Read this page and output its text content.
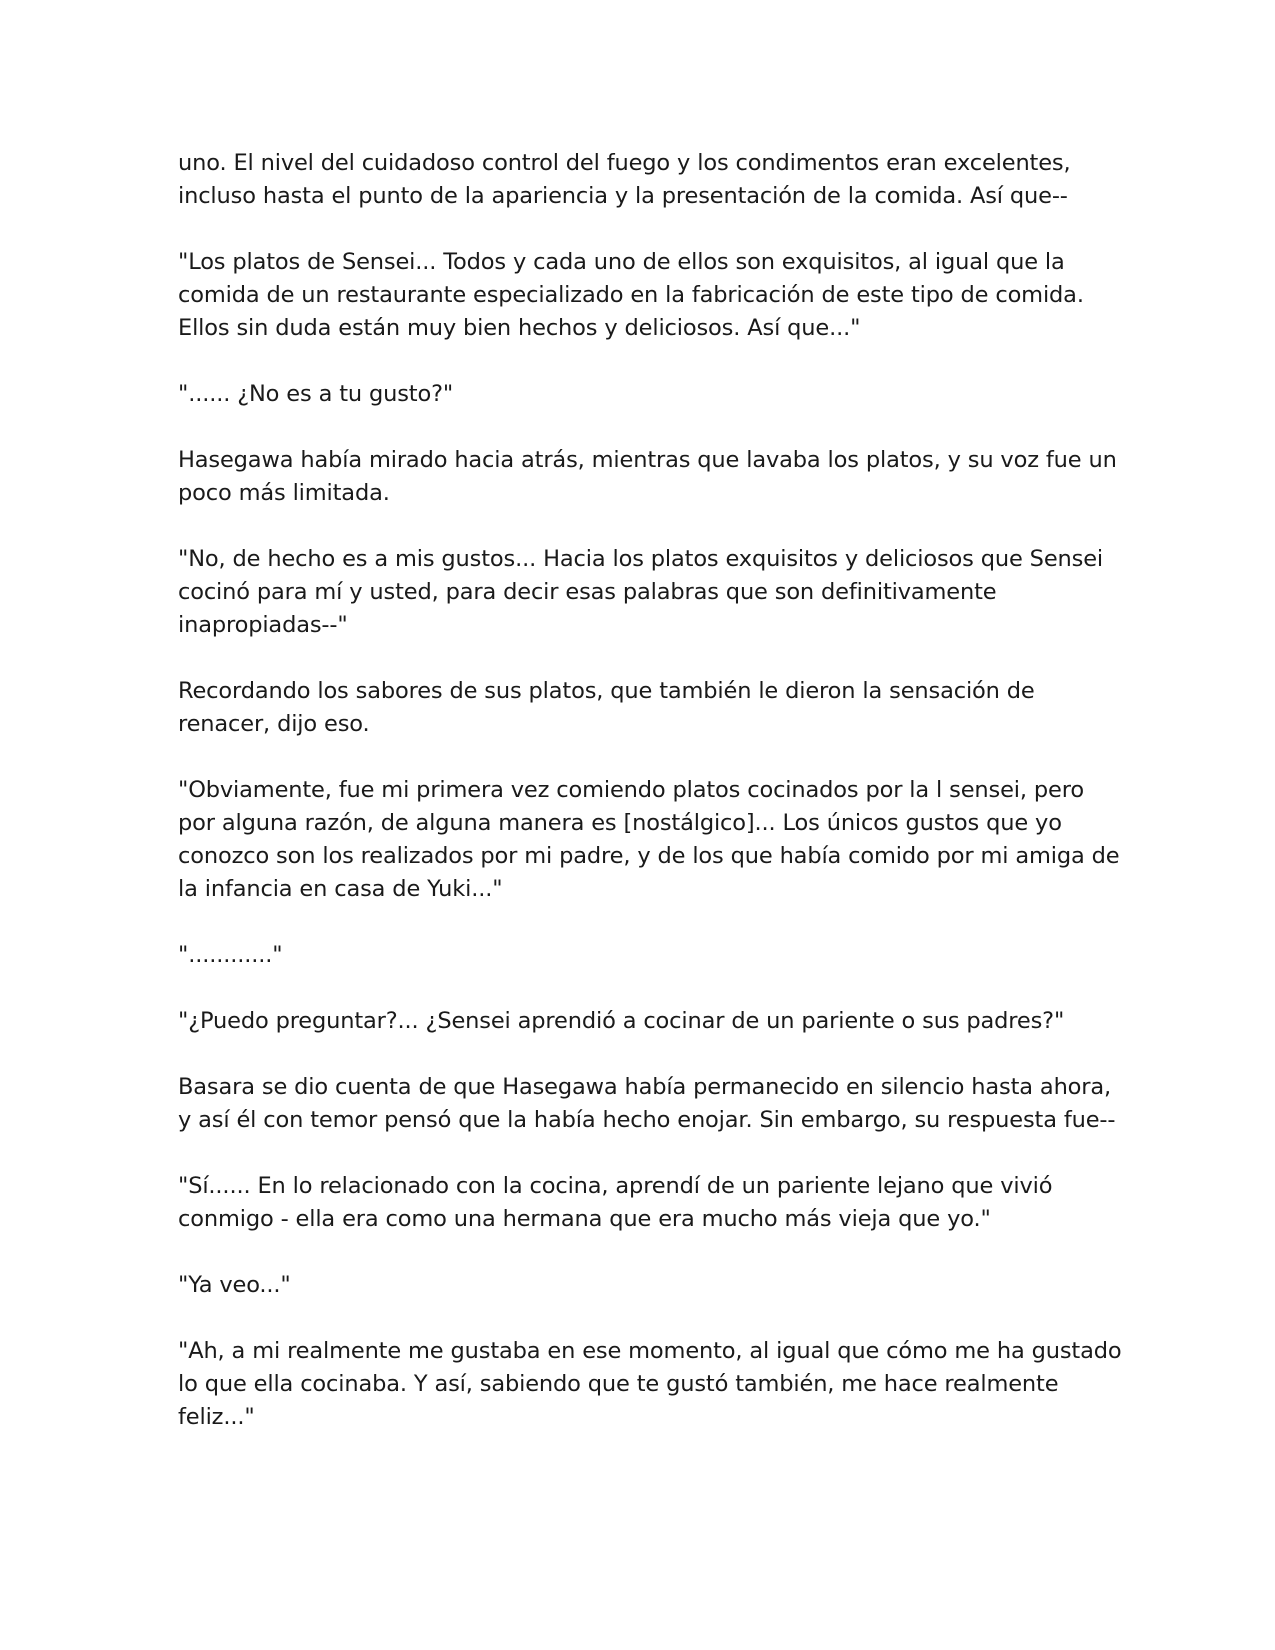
uno. El nivel del cuidadoso control del fuego y los condimentos eran excelentes,
incluso hasta el punto de la apariencia y la presentación de la comida. Así que--

"Los platos de Sensei... Todos y cada uno de ellos son exquisitos, al igual que la
comida de un restaurante especializado en la fabricación de este tipo de comida.
Ellos sin duda están muy bien hechos y deliciosos. Así que..."

"...... ¿No es a tu gusto?"

Hasegawa había mirado hacia atrás, mientras que lavaba los platos, y su voz fue un
poco más limitada.

"No, de hecho es a mis gustos... Hacia los platos exquisitos y deliciosos que Sensei
cocinó para mí y usted, para decir esas palabras que son definitivamente
inapropiadas--"

Recordando los sabores de sus platos, que también le dieron la sensación de
renacer, dijo eso.

"Obviamente, fue mi primera vez comiendo platos cocinados por la l sensei, pero
por alguna razón, de alguna manera es [nostálgico]... Los únicos gustos que yo
conozco son los realizados por mi padre, y de los que había comido por mi amiga de
la infancia en casa de Yuki..."

"............"

"¿Puedo preguntar?... ¿Sensei aprendió a cocinar de un pariente o sus padres?"

Basara se dio cuenta de que Hasegawa había permanecido en silencio hasta ahora,
y así él con temor pensó que la había hecho enojar. Sin embargo, su respuesta fue--

"Sí...... En lo relacionado con la cocina, aprendí de un pariente lejano que vivió
conmigo - ella era como una hermana que era mucho más vieja que yo."

"Ya veo..."

"Ah, a mi realmente me gustaba en ese momento, al igual que cómo me ha gustado
lo que ella cocinaba. Y así, sabiendo que te gustó también, me hace realmente
feliz..."
